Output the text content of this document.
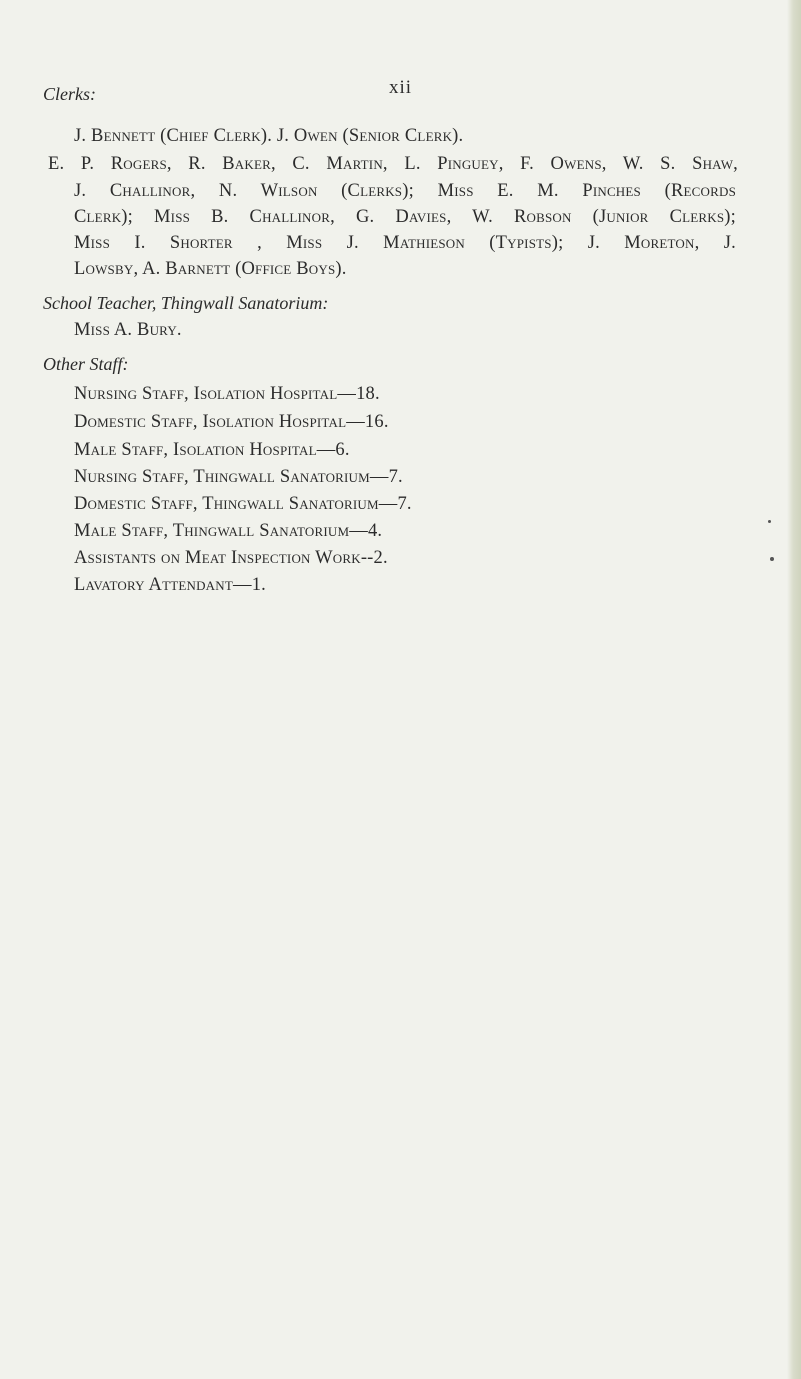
xii
Clerks:
J. Bennett (Chief Clerk). J. Owen (Senior Clerk).
E. P. Rogers, R. Baker, C. Martin, L. Pinguey, F. Owens, W. S. Shaw,
J. Challinor, N. Wilson (Clerks); Miss E. M. Pinches (Records
Clerk); Miss B. Challinor, G. Davies, W. Robson (Junior Clerks);
Miss I. Shorter , Miss J. Mathieson (Typists); J. Moreton, J.
Lowsby, A. Barnett (Office Boys).
School Teacher, Thingwall Sanatorium:
Miss A. Bury.
Other Staff:
Nursing Staff, Isolation Hospital—18.
Domestic Staff, Isolation Hospital—16.
Male Staff, Isolation Hospital—6.
Nursing Staff, Thingwall Sanatorium—7.
Domestic Staff, Thingwall Sanatorium—7.
Male Staff, Thingwall Sanatorium—4.
Assistants on Meat Inspection Work--2.
Lavatory Attendant—1.
